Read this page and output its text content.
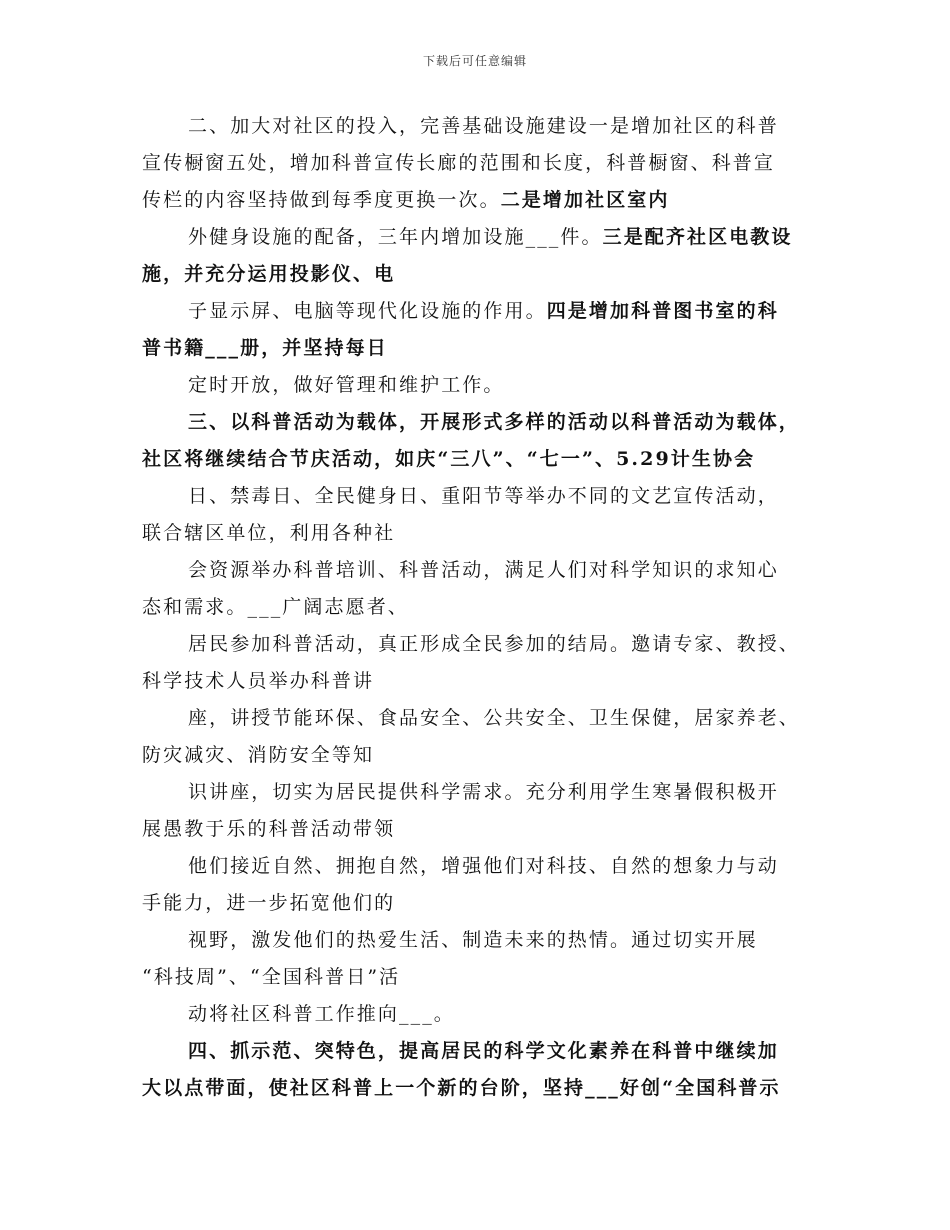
下载后可任意编辑
二、加大对社区的投入，完善基础设施建设一是增加社区的科普
宣传橱窗五处，增加科普宣传长廊的范围和长度，科普橱窗、科普宣
传栏的内容坚持做到每季度更换一次。二是增加社区室内
外健身设施的配备，三年内增加设施___件。三是配齐社区电教设
施，并充分运用投影仪、电
子显示屏、电脑等现代化设施的作用。四是增加科普图书室的科
普书籍___册，并坚持每日
定时开放，做好管理和维护工作。
三、以科普活动为载体，开展形式多样的活动以科普活动为载体，
社区将继续结合节庆活动，如庆“三八”、“七一”、5.29计生协会
日、禁毒日、全民健身日、重阳节等举办不同的文艺宣传活动，
联合辖区单位，利用各种社
会资源举办科普培训、科普活动，满足人们对科学知识的求知心
态和需求。___广阔志愿者、
居民参加科普活动，真正形成全民参加的结局。邀请专家、教授、
科学技术人员举办科普讲
座，讲授节能环保、食品安全、公共安全、卫生保健，居家养老、
防灾减灾、消防安全等知
识讲座，切实为居民提供科学需求。充分利用学生寒暑假积极开
展愚教于乐的科普活动带领
他们接近自然、拥抱自然，增强他们对科技、自然的想象力与动
手能力，进一步拓宽他们的
视野，激发他们的热爱生活、制造未来的热情。通过切实开展
“科技周”、“全国科普日”活
动将社区科普工作推向___。
四、抓示范、突特色，提高居民的科学文化素养在科普中继续加
大以点带面，使社区科普上一个新的台阶，坚持___好创“全国科普示
